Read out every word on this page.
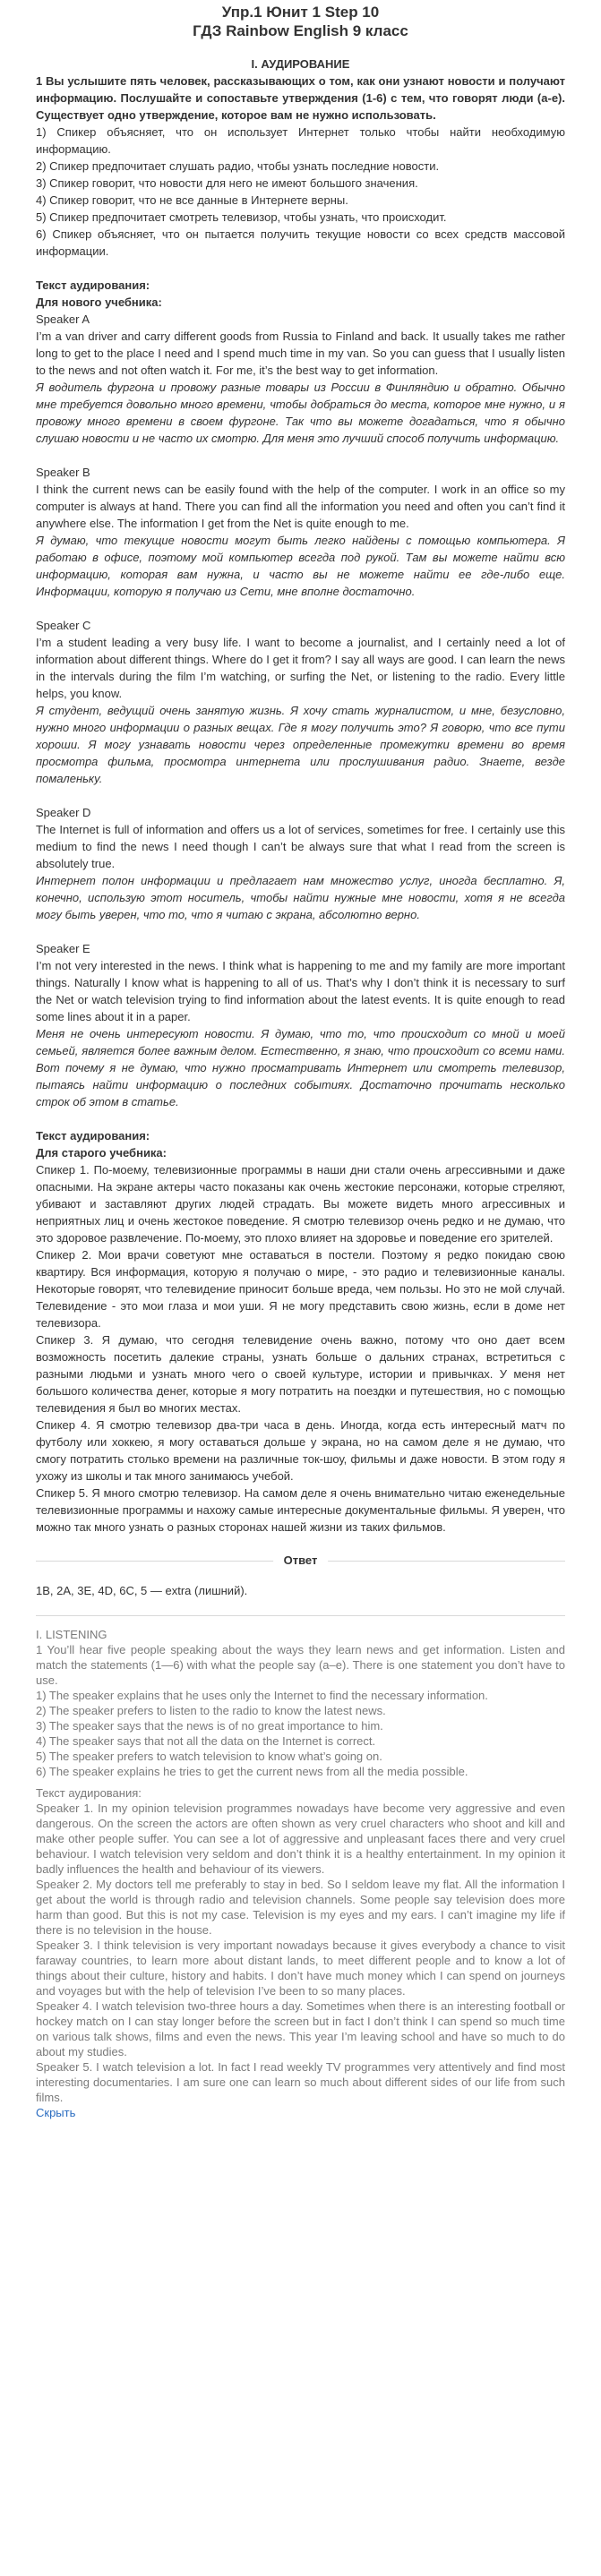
Упр.1 Юнит 1 Step 10
ГДЗ Rainbow English 9 класс
I. АУДИРОВАНИЕ

1 Вы услышите пять человек, рассказывающих о том, как они узнают новости и получают информацию. Послушайте и сопоставьте утверждения (1-6) с тем, что говорят люди (a-e). Существует одно утверждение, которое вам не нужно использовать.

1) Спикер объясняет, что он использует Интернет только чтобы найти необходимую информацию.

2) Спикер предпочитает слушать радио, чтобы узнать последние новости.

3) Спикер говорит, что новости для него не имеют большого значения.

4) Спикер говорит, что не все данные в Интернете верны.

5) Спикер предпочитает смотреть телевизор, чтобы узнать, что происходит.

6) Спикер объясняет, что он пытается получить текущие новости со всех средств массовой информации.

Текст аудирования:

Для нового учебника:

Speaker A

I’m a van driver and carry different goods from Russia to Finland and back. It usually takes me rather long to get to the place I need and I spend much time in my van. So you can guess that I usually listen to the news and not often watch it. For me, it’s the best way to get information.

Я водитель фургона и провожу разные товары из России в Финляндию и обратно. Обычно мне требуется довольно много времени, чтобы добраться до места, которое мне нужно, и я провожу много времени в своем фургоне. Так что вы можете догадаться, что я обычно слушаю новости и не часто их смотрю. Для меня это лучший способ получить информацию.

Speaker B

I think the current news can be easily found with the help of the computer. I work in an office so my computer is always at hand. There you can find all the information you need and often you can’t find it anywhere else. The information I get from the Net is quite enough to me.

Я думаю, что текущие новости могут быть легко найдены с помощью компьютера. Я работаю в офисе, поэтому мой компьютер всегда под рукой. Там вы можете найти всю информацию, которая вам нужна, и часто вы не можете найти ее где-либо еще. Информации, которую я получаю из Сети, мне вполне достаточно.

Speaker C

I’m a student leading a very busy life. I want to become a journalist, and I certainly need a lot of information about different things. Where do I get it from? I say all ways are good. I can learn the news in the intervals during the film I’m watching, or surfing the Net, or listening to the radio. Every little helps, you know.

Я студент, ведущий очень занятую жизнь. Я хочу стать журналистом, и мне, безусловно, нужно много информации о разных вещах. Где я могу получить это? Я говорю, что все пути хороши. Я могу узнавать новости через определенные промежутки времени во время просмотра фильма, просмотра интернета или прослушивания радио. Знаете, везде помаленьку.

Speaker D

The Internet is full of information and offers us a lot of services, sometimes for free. I certainly use this medium to find the news I need though I can’t be always sure that what I read from the screen is absolutely true.

Интернет полон информации и предлагает нам множество услуг, иногда бесплатно. Я, конечно, использую этот носитель, чтобы найти нужные мне новости, хотя я не всегда могу быть уверен, что то, что я читаю с экрана, абсолютно верно.

Speaker E

I’m not very interested in the news. I think what is happening to me and my family are more important things. Naturally I know what is happening to all of us. That’s why I don’t think it is necessary to surf the Net or watch television trying to find information about the latest events. It is quite enough to read some lines about it in a paper.

Меня не очень интересуют новости. Я думаю, что то, что происходит со мной и моей семьей, является более важным делом. Естественно, я знаю, что происходит со всеми нами. Вот почему я не думаю, что нужно просматривать Интернет или смотреть телевизор, пытаясь найти информацию о последних событиях. Достаточно прочитать несколько строк об этом в статье.

Текст аудирования:

Для старого учебника:

Спикер 1. По-моему, телевизионные программы в наши дни стали очень агрессивными и даже опасными. На экране актеры часто показаны как очень жестокие персонажи, которые стреляют, убивают и заставляют других людей страдать. Вы можете видеть много агрессивных и неприятных лиц и очень жестокое поведение. Я смотрю телевизор очень редко и не думаю, что это здоровое развлечение. По-моему, это плохо влияет на здоровье и поведение его зрителей.

Спикер 2. Мои врачи советуют мне оставаться в постели. Поэтому я редко покидаю свою квартиру. Вся информация, которую я получаю о мире, - это радио и телевизионные каналы. Некоторые говорят, что телевидение приносит больше вреда, чем пользы. Но это не мой случай. Телевидение - это мои глаза и мои уши. Я не могу представить свою жизнь, если в доме нет телевизора.

Спикер 3. Я думаю, что сегодня телевидение очень важно, потому что оно дает всем возможность посетить далекие страны, узнать больше о дальних странах, встретиться с разными людьми и узнать много чего о своей культуре, истории и привычках. У меня нет большого количества денег, которые я могу потратить на поездки и путешествия, но с помощью телевидения я был во многих местах.

Спикер 4. Я смотрю телевизор два-три часа в день. Иногда, когда есть интересный матч по футболу или хоккею, я могу оставаться дольше у экрана, но на самом деле я не думаю, что смогу потратить столько времени на различные ток-шоу, фильмы и даже новости. В этом году я ухожу из школы и так много занимаюсь учебой.

Спикер 5. Я много смотрю телевизор. На самом деле я очень внимательно читаю еженедельные телевизионные программы и нахожу самые интересные документальные фильмы. Я уверен, что можно так много узнать о разных сторонах нашей жизни из таких фильмов.

Ответ

1B, 2A, 3E, 4D, 6C, 5 — extra (лишний).

I. LISTENING

1 You’ll hear five people speaking about the ways they learn news and get information. Listen and match the statements (1—6) with what the people say (a–e). There is one statement you don’t have to use.

1) The speaker explains that he uses only the Internet to find the necessary information.

2) The speaker prefers to listen to the radio to know the latest news.

3) The speaker says that the news is of no great importance to him.

4) The speaker says that not all the data on the Internet is correct.

5) The speaker prefers to watch television to know what’s going on.

6) The speaker explains he tries to get the current news from all the media possible.

Текст аудирования:

Speaker 1. In my opinion television programmes nowadays have become very aggressive and even dangerous. On the screen the actors are often shown as very cruel characters who shoot and kill and make other people suffer. You can see a lot of aggressive and unpleasant faces there and very cruel behaviour. I watch television very seldom and don’t think it is a healthy entertainment. In my opinion it badly influences the health and behaviour of its viewers.

Speaker 2. My doctors tell me preferably to stay in bed. So I seldom leave my flat. All the information I get about the world is through radio and television channels. Some people say television does more harm than good. But this is not my case. Television is my eyes and my ears. I can’t imagine my life if there is no television in the house.

Speaker 3. I think television is very important nowadays because it gives everybody a chance to visit faraway countries, to learn more about distant lands, to meet different people and to know a lot of things about their culture, history and habits. I don’t have much money which I can spend on journeys and voyages but with the help of television I’ve been to so many places.

Speaker 4. I watch television two-three hours a day. Sometimes when there is an interesting football or hockey match on I can stay longer before the screen but in fact I don’t think I can spend so much time on various talk shows, films and even the news. This year I’m leaving school and have so much to do about my studies.

Speaker 5. I watch television a lot. In fact I read weekly TV programmes very attentively and find most interesting documentaries. I am sure one can learn so much about different sides of our life from such films.

Скрыть
